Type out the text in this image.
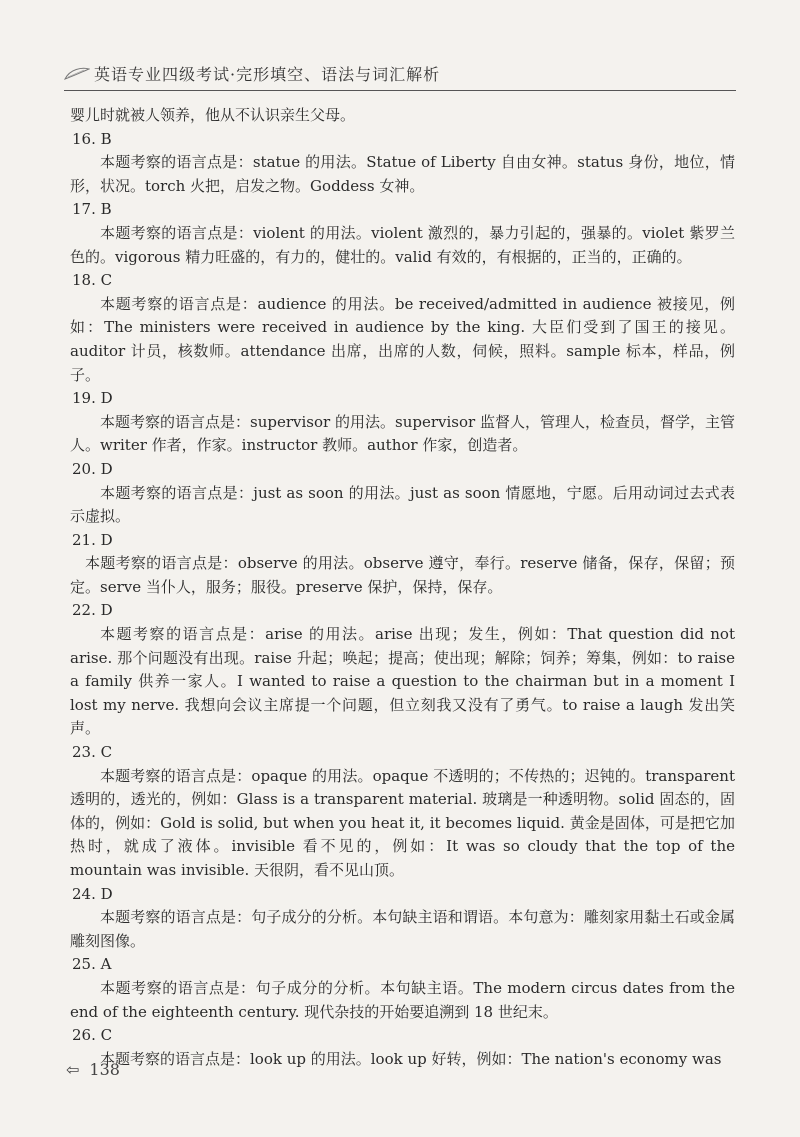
英语专业四级考试·完形填空、语法与词汇解析

婴儿时就被人领养，他从不认识亲生父母。

16. B

本题考察的语言点是：statue 的用法。Statue of Liberty 自由女神。status 身份，地位，情形，状况。torch 火把，启发之物。Goddess 女神。

17. B

本题考察的语言点是：violent 的用法。violent 激烈的，暴力引起的，强暴的。violet 紫罗兰色的。vigorous 精力旺盛的，有力的，健壮的。valid 有效的，有根据的，正当的，正确的。

18. C

本题考察的语言点是：audience 的用法。be received/admitted in audience 被接见，例如：The ministers were received in audience by the king. 大臣们受到了国王的接见。auditor 计员，核数师。attendance 出席，出席的人数，伺候，照料。sample 标本，样品，例子。

19. D

本题考察的语言点是：supervisor 的用法。supervisor 监督人，管理人，检查员，督学，主管人。writer 作者，作家。instructor 教师。author 作家，创造者。

20. D

本题考察的语言点是：just as soon 的用法。just as soon 情愿地，宁愿。后用动词过去式表示虚拟。

21. D

本题考察的语言点是：observe 的用法。observe 遵守，奉行。reserve 储备，保存，保留；预定。serve 当仆人，服务；服役。preserve 保护，保持，保存。

22. D

本题考察的语言点是：arise 的用法。arise 出现；发生，例如：That question did not arise. 那个问题没有出现。raise 升起；唤起；提高；使出现；解除；饲养；筹集，例如：to raise a family 供养一家人。I wanted to raise a question to the chairman but in a moment I lost my nerve. 我想向会议主席提一个问题，但立刻我又没有了勇气。to raise a laugh 发出笑声。

23. C

本题考察的语言点是：opaque 的用法。opaque 不透明的；不传热的；迟钝的。transparent 透明的，透光的，例如：Glass is a transparent material. 玻璃是一种透明物。solid 固态的，固体的，例如：Gold is solid, but when you heat it, it becomes liquid. 黄金是固体，可是把它加热时，就成了液体。invisible 看不见的，例如：It was so cloudy that the top of the mountain was invisible. 天很阴，看不见山顶。

24. D

本题考察的语言点是：句子成分的分析。本句缺主语和谓语。本句意为：雕刻家用黏土石或金属雕刻图像。

25. A

本题考察的语言点是：句子成分的分析。本句缺主语。The modern circus dates from the end of the eighteenth century. 现代杂技的开始要追溯到 18 世纪末。

26. C

本题考察的语言点是：look up 的用法。look up 好转，例如：The nation's economy was

⇦ 138
